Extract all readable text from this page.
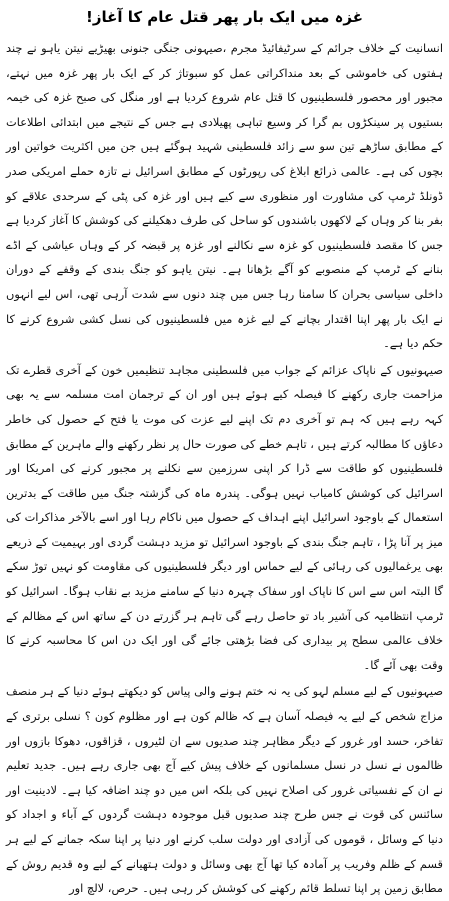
غزہ میں ایک بار پھر قتل عام کا آغاز!

انسانیت کے خلاف جرائم کے سرٹیفائیڈ مجرم ،صیہونی جنگی جنونی بھیڑیے نیتن یاہو نے چند ہفتوں کی خاموشی کے بعد منداکراتی عمل کو سبوتاژ کر کے ایک بار پھر غزہ میں نہتے، مجبور اور محصور فلسطینیوں کا قتل عام شروع کردیا ہے اور منگل کی صبح غزہ کی خیمہ بستیوں پر سینکڑوں بم گرا کر وسیع تباہی پھیلادی ہے جس کے نتیجے میں ابتدائی اطلاعات کے مطابق ساڑھے تین سو سے زائد فلسطینی شہید ہوگئے ہیں جن میں اکثریت خواتین اور بچوں کی ہے۔ عالمی ذرائع ابلاغ کی رپورٹوں کے مطابق اسرائیل نے تازہ حملے امریکی صدر ڈونلڈ ٹرمپ کی مشاورت اور منظوری سے کیے ہیں اور غزہ کی پٹی کے سرحدی علاقے کو بفر بنا کر وہاں کے لاکھوں باشندوں کو ساحل کی طرف دھکیلنے کی کوشش کا آغاز کردیا ہے جس کا مقصد فلسطینیوں کو غزہ سے نکالنے اور غزہ پر قبضہ کر کے وہاں عیاشی کے اڈے بنانے کے ٹرمپ کے منصوبے کو آگے بڑھانا ہے۔ نیتن یاہو کو جنگ بندی کے وقفے کے دوران داخلی سیاسی بحران کا سامنا رہا جس میں چند دنوں سے شدت آرہی تھی، اس لیے انہوں نے ایک بار پھر اپنا اقتدار بچانے کے لیے غزہ میں فلسطینیوں کی نسل کشی شروع کرنے کا حکم دیا ہے۔

صیہونیوں کے ناپاک عزائم کے جواب میں فلسطینی مجاہد تنظیمیں خون کے آخری قطرے تک مزاحمت جاری رکھنے کا فیصلہ کیے ہوئے ہیں اور ان کے ترجمان امت مسلمہ سے یہ بھی کہہ رہے ہیں کہ ہم تو آخری دم تک اپنے لیے عزت کی موت یا فتح کے حصول کی خاطر دعاؤں کا مطالبہ کرتے ہیں ، تاہم خطے کی صورت حال پر نظر رکھنے والے ماہرین کے مطابق فلسطینیوں کو طاقت سے ڈرا کر اپنی سرزمین سے نکلنے پر مجبور کرنے کی امریکا اور اسرائیل کی کوشش کامیاب نہیں ہوگی۔ پندرہ ماہ کی گزشتہ جنگ میں طاقت کے بدترین استعمال کے باوجود اسرائیل اپنے اہداف کے حصول میں ناکام رہا اور اسے بالآخر مذاکرات کی میز پر آنا پڑا ، تاہم جنگ بندی کے باوجود اسرائیل تو مزید دہشت گردی اور بہیمیت کے ذریعے بھی یرغمالیوں کی رہائی کے لیے حماس اور دیگر فلسطینیوں کی مقاومت کو نہیں توڑ سکے گا البتہ اس سے اس کا ناپاک اور سفاک چہرہ دنیا کے سامنے مزید بے نقاب ہوگا۔ اسرائیل کو ٹرمپ انتظامیہ کی آشیر باد تو حاصل رہے گی تاہم ہر گزرتے دن کے ساتھ اس کے مظالم کے خلاف عالمی سطح پر بیداری کی فضا بڑھتی جائے گی اور ایک دن اس کا محاسبہ کرنے کا وقت بھی آئے گا۔

صیہونیوں کے لیے مسلم لہو کی یہ نہ ختم ہونے والی پیاس کو دیکھتے ہوئے دنیا کے ہر منصف مزاج شخص کے لیے یہ فیصلہ آسان ہے کہ ظالم کون ہے اور مظلوم کون ؟ نسلی برتری کے تفاخر، حسد اور غرور کے دیگر مظاہر چند صدیوں سے ان لٹیروں ، قزاقوں، دھوکا بازوں اور ظالموں نے نسل در نسل مسلمانوں کے خلاف پیش کیے آج بھی جاری رہے ہیں۔ جدید تعلیم نے ان کے نفسیاتی غرور کی اصلاح نہیں کی بلکہ اس میں دو چند اضافہ کیا ہے۔ لادینیت اور سائنس کی قوت نے جس طرح چند صدیوں قبل موجودہ دہشت گردوں کے آباء و اجداد کو دنیا کے وسائل ، قوموں کی آزادی اور دولت سلب کرنے اور دنیا پر اپنا سکہ جمانے کے لیے ہر قسم کے ظلم وفریب پر آمادہ کیا تھا آج بھی وسائل و دولت ہتھیانے کے لیے وہ قدیم روش کے مطابق زمین پر اپنا تسلط قائم رکھنے کی کوشش کر رہی ہیں۔ حرص، لالچ اور
